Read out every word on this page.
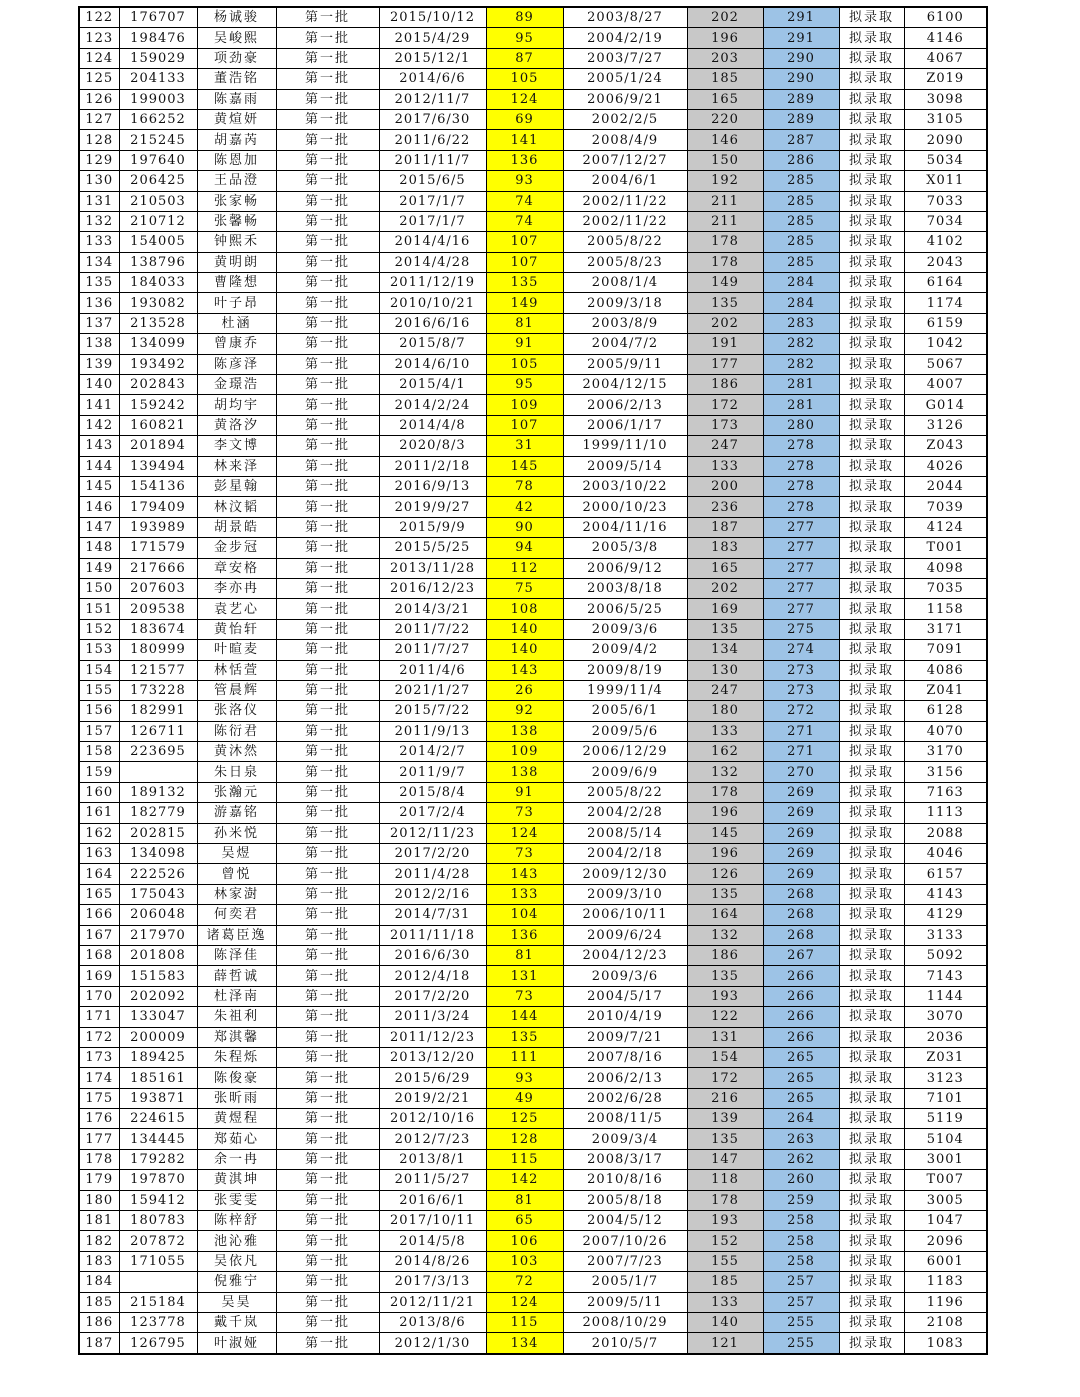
122	176707	杨诚骏	第一批	2015/10/12	89	2003/8/27	202	291	拟录取	6100
123	198476	吴峻熙	第一批	2015/4/29	95	2004/2/19	196	291	拟录取	4146
124	159029	项劲豪	第一批	2015/12/1	87	2003/7/27	203	290	拟录取	4067
125	204133	董浩铭	第一批	2014/6/6	105	2005/1/24	185	290	拟录取	Z019
126	199003	陈嘉雨	第一批	2012/11/7	124	2006/9/21	165	289	拟录取	3098
127	166252	黄煊妍	第一批	2017/6/30	69	2002/2/5	220	289	拟录取	3105
128	215245	胡嘉芮	第一批	2011/6/22	141	2008/4/9	146	287	拟录取	2090
129	197640	陈恩加	第一批	2011/11/7	136	2007/12/27	150	286	拟录取	5034
130	206425	王品澄	第一批	2015/6/5	93	2004/6/1	192	285	拟录取	X011
131	210503	张家畅	第一批	2017/1/7	74	2002/11/22	211	285	拟录取	7033
132	210712	张馨畅	第一批	2017/1/7	74	2002/11/22	211	285	拟录取	7034
133	154005	钟熙禾	第一批	2014/4/16	107	2005/8/22	178	285	拟录取	4102
134	138796	黄明朗	第一批	2014/4/28	107	2005/8/23	178	285	拟录取	2043
135	184033	曹隆想	第一批	2011/12/19	135	2008/1/4	149	284	拟录取	6164
136	193082	叶子昂	第一批	2010/10/21	149	2009/3/18	135	284	拟录取	1174
137	213528	杜涵	第一批	2016/6/16	81	2003/8/9	202	283	拟录取	6159
138	134099	曾康乔	第一批	2015/8/7	91	2004/7/2	191	282	拟录取	1042
139	193492	陈彦泽	第一批	2014/6/10	105	2005/9/11	177	282	拟录取	5067
140	202843	金璟浩	第一批	2015/4/1	95	2004/12/15	186	281	拟录取	4007
141	159242	胡均宇	第一批	2014/2/24	109	2006/2/13	172	281	拟录取	G014
142	160821	黄洛汐	第一批	2014/4/8	107	2006/1/17	173	280	拟录取	3126
143	201894	李文博	第一批	2020/8/3	31	1999/11/10	247	278	拟录取	Z043
144	139494	林来泽	第一批	2011/2/18	145	2009/5/14	133	278	拟录取	4026
145	154136	彭星翰	第一批	2016/9/13	78	2003/10/22	200	278	拟录取	2044
146	179409	林汶韬	第一批	2019/9/27	42	2000/10/23	236	278	拟录取	7039
147	193989	胡景皓	第一批	2015/9/9	90	2004/11/16	187	277	拟录取	4124
148	171579	金步冠	第一批	2015/5/25	94	2005/3/8	183	277	拟录取	T001
149	217666	章安格	第一批	2013/11/28	112	2006/9/12	165	277	拟录取	4098
150	207603	李亦冉	第一批	2016/12/23	75	2003/8/18	202	277	拟录取	7035
151	209538	袁艺心	第一批	2014/3/21	108	2006/5/25	169	277	拟录取	1158
152	183674	黄怡轩	第一批	2011/7/22	140	2009/3/6	135	275	拟录取	3171
153	180999	叶暄麦	第一批	2011/7/27	140	2009/4/2	134	274	拟录取	7091
154	121577	林恬萱	第一批	2011/4/6	143	2009/8/19	130	273	拟录取	4086
155	173228	管晨辉	第一批	2021/1/27	26	1999/11/4	247	273	拟录取	Z041
156	182991	张洛仪	第一批	2015/7/22	92	2005/6/1	180	272	拟录取	6128
157	126711	陈衍君	第一批	2011/9/13	138	2009/5/6	133	271	拟录取	4070
158	223695	黄沐然	第一批	2014/2/7	109	2006/12/29	162	271	拟录取	3170
159		朱日泉	第一批	2011/9/7	138	2009/6/9	132	270	拟录取	3156
160	189132	张瀚元	第一批	2015/8/4	91	2005/8/22	178	269	拟录取	7163
161	182779	游嘉铭	第一批	2017/2/4	73	2004/2/28	196	269	拟录取	1113
162	202815	孙米悦	第一批	2012/11/23	124	2008/5/14	145	269	拟录取	2088
163	134098	吴煜	第一批	2017/2/20	73	2004/2/18	196	269	拟录取	4046
164	222526	曾悦	第一批	2011/4/28	143	2009/12/30	126	269	拟录取	6157
165	175043	林家澍	第一批	2012/2/16	133	2009/3/10	135	268	拟录取	4143
166	206048	何奕君	第一批	2014/7/31	104	2006/10/11	164	268	拟录取	4129
167	217970	诸葛臣逸	第一批	2011/11/18	136	2009/6/24	132	268	拟录取	3133
168	201808	陈泽佳	第一批	2016/6/30	81	2004/12/23	186	267	拟录取	5092
169	151583	薛哲诚	第一批	2012/4/18	131	2009/3/6	135	266	拟录取	7143
170	202092	杜泽南	第一批	2017/2/20	73	2004/5/17	193	266	拟录取	1144
171	133047	朱祖利	第一批	2011/3/24	144	2010/4/19	122	266	拟录取	3070
172	200009	郑淇馨	第一批	2011/12/23	135	2009/7/21	131	266	拟录取	2036
173	189425	朱程烁	第一批	2013/12/20	111	2007/8/16	154	265	拟录取	Z031
174	185161	陈俊豪	第一批	2015/6/29	93	2006/2/13	172	265	拟录取	3123
175	193871	张昕雨	第一批	2019/2/21	49	2002/6/28	216	265	拟录取	7101
176	224615	黄煜程	第一批	2012/10/16	125	2008/11/5	139	264	拟录取	5119
177	134445	郑茹心	第一批	2012/7/23	128	2009/3/4	135	263	拟录取	5104
178	179282	余一冉	第一批	2013/8/1	115	2008/3/17	147	262	拟录取	3001
179	197870	黄淇坤	第一批	2011/5/27	142	2010/8/16	118	260	拟录取	T007
180	159412	张雯雯	第一批	2016/6/1	81	2005/8/18	178	259	拟录取	3005
181	180783	陈梓舒	第一批	2017/10/11	65	2004/5/12	193	258	拟录取	1047
182	207872	池沁雅	第一批	2014/5/8	106	2007/10/26	152	258	拟录取	2096
183	171055	吴依凡	第一批	2014/8/26	103	2007/7/23	155	258	拟录取	6001
184		倪雅宁	第一批	2017/3/13	72	2005/1/7	185	257	拟录取	1183
185	215184	吴昊	第一批	2012/11/21	124	2009/5/11	133	257	拟录取	1196
186	123778	戴千岚	第一批	2013/8/6	115	2008/10/29	140	255	拟录取	2108
187	126795	叶淑娅	第一批	2012/1/30	134	2010/5/7	121	255	拟录取	1083
